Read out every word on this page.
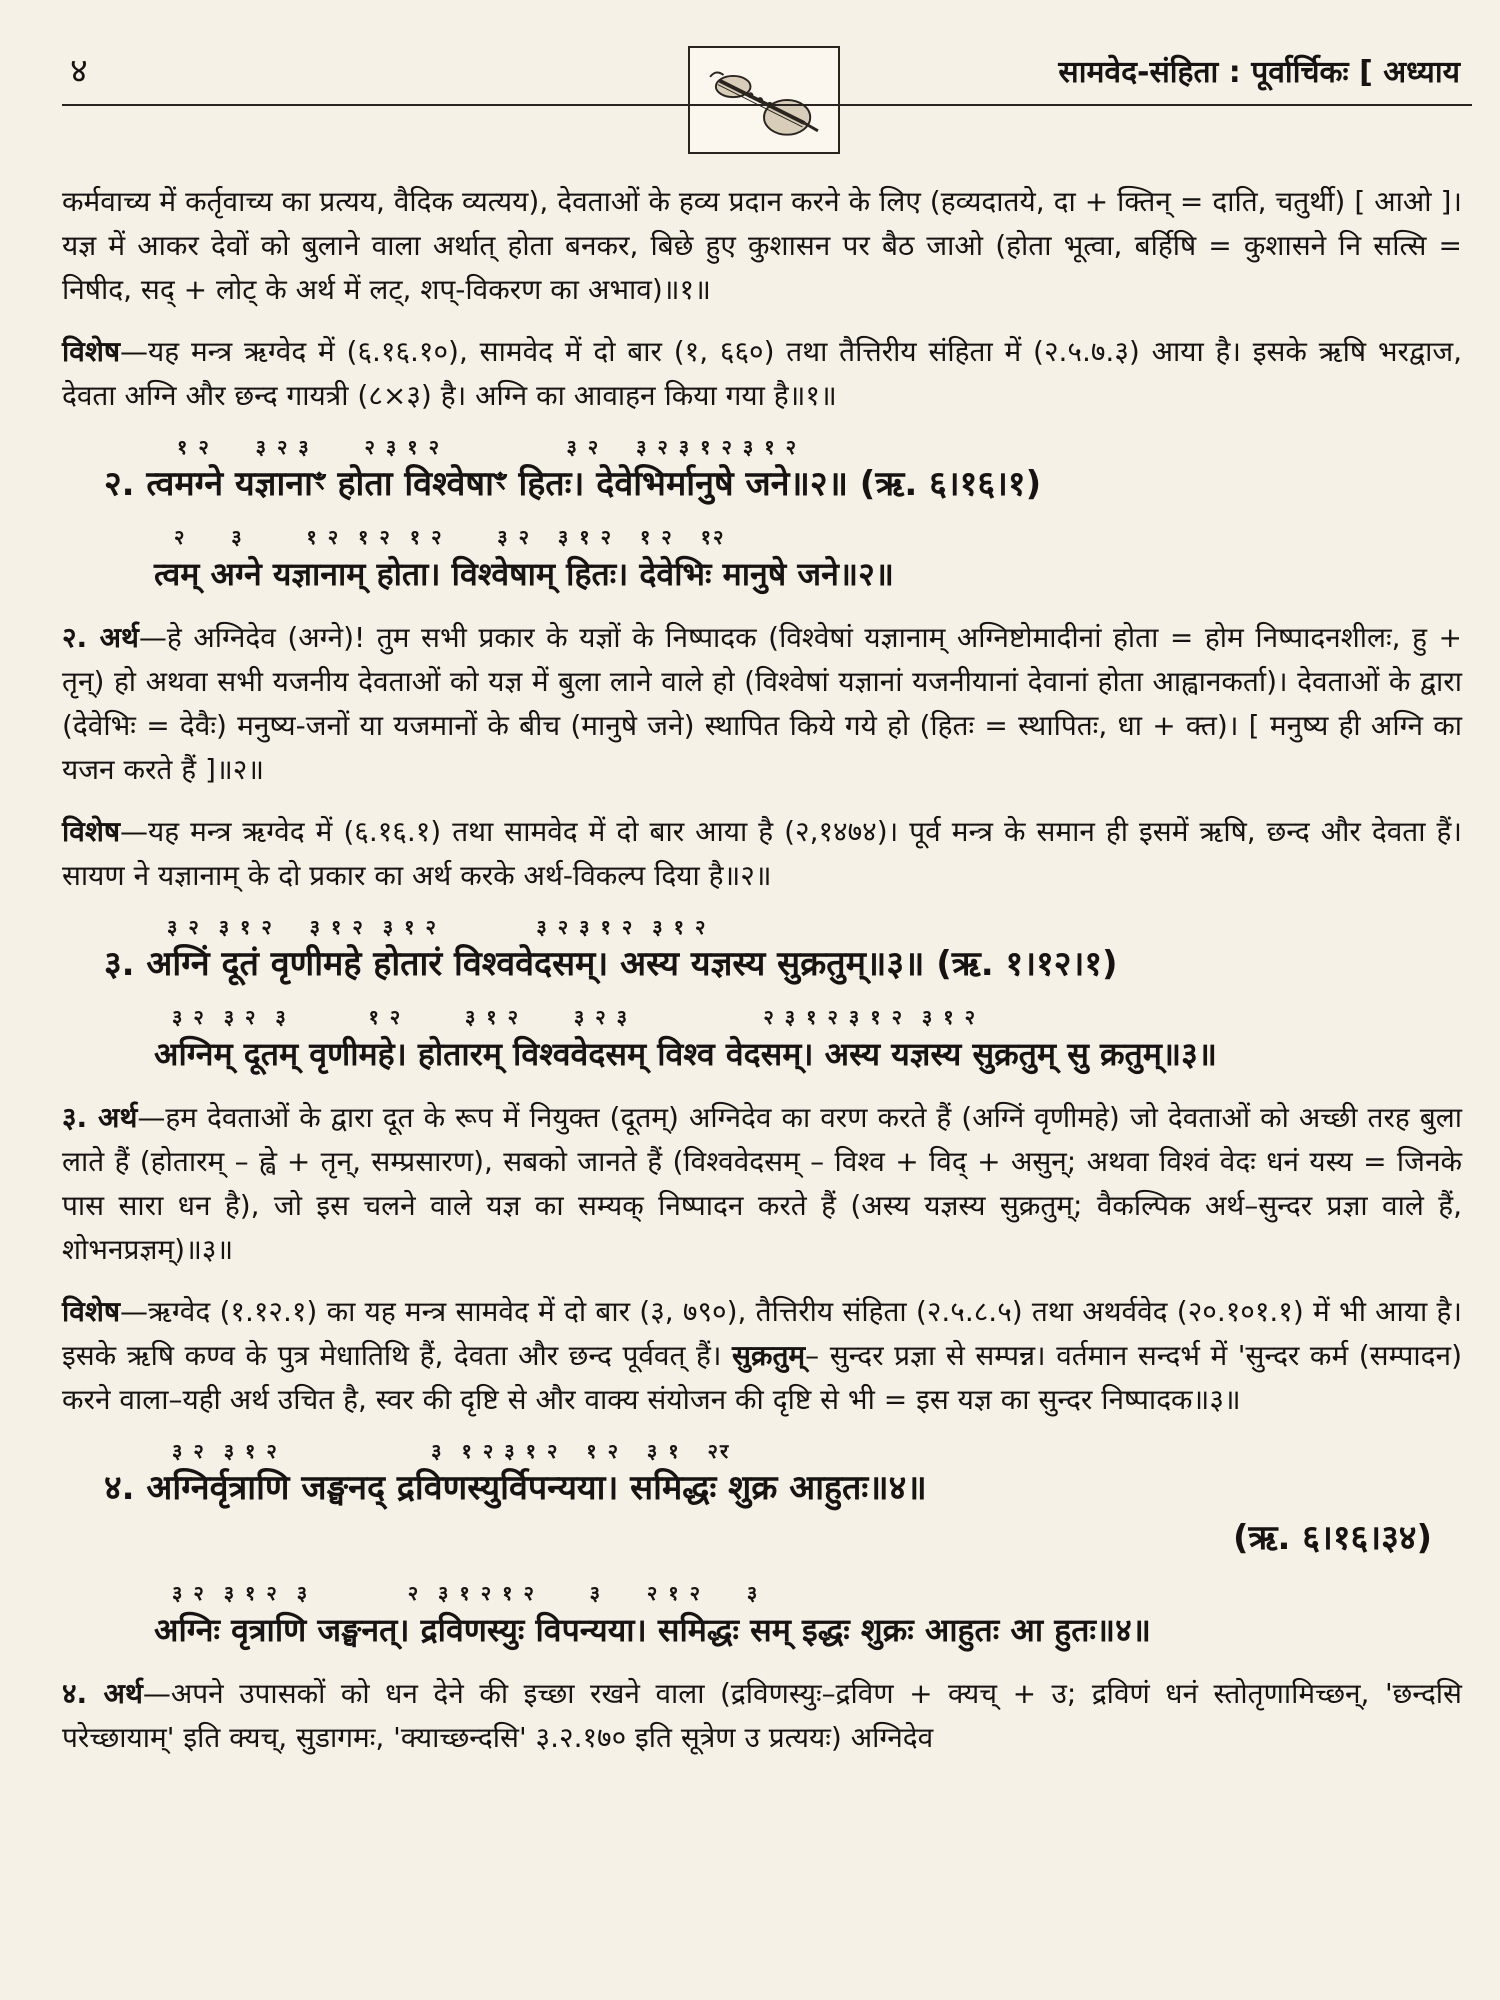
४	सामवेद-संहिता : पूर्वार्चिकः [ अध्याय

कर्मवाच्य में कर्तृवाच्य का प्रत्यय, वैदिक व्यत्यय), देवताओं के हव्य प्रदान करने के लिए (हव्यदातये, दा + क्तिन् = दाति, चतुर्थी) [ आओ ]। यज्ञ में आकर देवों को बुलाने वाला अर्थात् होता बनकर, बिछे हुए कुशासन पर बैठ जाओ (होता भूत्वा, बर्हिषि = कुशासने नि सत्सि = निषीद, सद् + लोट् के अर्थ में लट्, शप्-विकरण का अभाव)॥१॥

विशेष—यह मन्त्र ऋग्वेद में (६.१६.१०), सामवेद में दो बार (१, ६६०) तथा तैत्तिरीय संहिता में (२.५.७.३) आया है। इसके ऋषि भरद्वाज, देवता अग्नि और छन्द गायत्री (८×३) है। अग्नि का आवाहन किया गया है॥१॥

१ २     ३ २ ३      २ ३ १ २              ३ २    ३ २ ३ १ २ ३ १ २
२. त्वमग्ने यज्ञानाꣳ होता विश्वेषाꣳ हितः। देवेभिर्मानुषे जने॥२॥ (ऋ. ६।१६।१)
२     ३       १ २  १ २  १ २      ३ २   ३ १ २   १ २   १२
त्वम् अग्ने यज्ञानाम् होता। विश्वेषाम् हितः। देवेभिः मानुषे जने॥२॥

२. अर्थ—हे अग्निदेव (अग्ने)! तुम सभी प्रकार के यज्ञों के निष्पादक (विश्वेषां यज्ञानाम् अग्निष्टोमादीनां होता = होम निष्पादनशीलः, हु + तृन्) हो अथवा सभी यजनीय देवताओं को यज्ञ में बुला लाने वाले हो (विश्वेषां यज्ञानां यजनीयानां देवानां होता आह्वानकर्ता)। देवताओं के द्वारा (देवेभिः = देवैः) मनुष्य-जनों या यजमानों के बीच (मानुषे जने) स्थापित किये गये हो (हितः = स्थापितः, धा + क्त)। [ मनुष्य ही अग्नि का यजन करते हैं ]॥२॥

विशेष—यह मन्त्र ऋग्वेद में (६.१६.१) तथा सामवेद में दो बार आया है (२,१४७४)। पूर्व मन्त्र के समान ही इसमें ऋषि, छन्द और देवता हैं। सायण ने यज्ञानाम् के दो प्रकार का अर्थ करके अर्थ-विकल्प दिया है॥२॥

३ २  ३ १ २    ३ १ २  ३ १ २           ३ २ ३ १ २  ३ १ २
३. अग्निं दूतं वृणीमहे होतारं विश्ववेदसम्। अस्य यज्ञस्य सुक्रतुम्॥३॥ (ऋ. १।१२।१)
३ २  ३ २  ३         १ २       ३ १ २      ३ २ ३               २ ३ १ २ ३ १ २  ३ १ २
अग्निम् दूतम् वृणीमहे। होतारम् विश्ववेदसम् विश्व वेदसम्। अस्य यज्ञस्य सुक्रतुम् सु क्रतुम्॥३॥

३. अर्थ—हम देवताओं के द्वारा दूत के रूप में नियुक्त (दूतम्) अग्निदेव का वरण करते हैं (अग्निं वृणीमहे) जो देवताओं को अच्छी तरह बुला लाते हैं (होतारम् – ह्वे + तृन्, सम्प्रसारण), सबको जानते हैं (विश्ववेदसम् – विश्व + विद् + असुन्; अथवा विश्वं वेदः धनं यस्य = जिनके पास सारा धन है), जो इस चलने वाले यज्ञ का सम्यक् निष्पादन करते हैं (अस्य यज्ञस्य सुक्रतुम्; वैकल्पिक अर्थ–सुन्दर प्रज्ञा वाले हैं, शोभनप्रज्ञम्)॥३॥

विशेष—ऋग्वेद (१.१२.१) का यह मन्त्र सामवेद में दो बार (३, ७९०), तैत्तिरीय संहिता (२.५.८.५) तथा अथर्ववेद (२०.१०१.१) में भी आया है। इसके ऋषि कण्व के पुत्र मेधातिथि हैं, देवता और छन्द पूर्ववत् हैं। सुक्रतुम्– सुन्दर प्रज्ञा से सम्पन्न। वर्तमान सन्दर्भ में 'सुन्दर कर्म (सम्पादन) करने वाला–यही अर्थ उचित है, स्वर की दृष्टि से और वाक्य संयोजन की दृष्टि से भी = इस यज्ञ का सुन्दर निष्पादक॥३॥

३ २  ३ १ २                 ३  १ २ ३ १ २   १ २   ३ १   २र
४. अग्निर्वृत्राणि जङ्घनद् द्रविणस्युर्विपन्यया। समिद्धः शुक्र आहुतः॥४॥
(ऋ. ६।१६।३४)
३ २  ३ १ २  ३           २  ३ १ २ १ २      ३     २ १ २     ३
अग्निः वृत्राणि जङ्घनत्। द्रविणस्युः विपन्यया। समिद्धः सम् इद्धः शुक्रः आहुतः आ हुतः॥४॥

४. अर्थ—अपने उपासकों को धन देने की इच्छा रखने वाला (द्रविणस्युः–द्रविण + क्यच् + उ; द्रविणं धनं स्तोतृणामिच्छन्, 'छन्दसि परेच्छायाम्' इति क्यच्, सुडागमः, 'क्याच्छन्दसि' ३.२.१७० इति सूत्रेण उ प्रत्ययः) अग्निदेव
